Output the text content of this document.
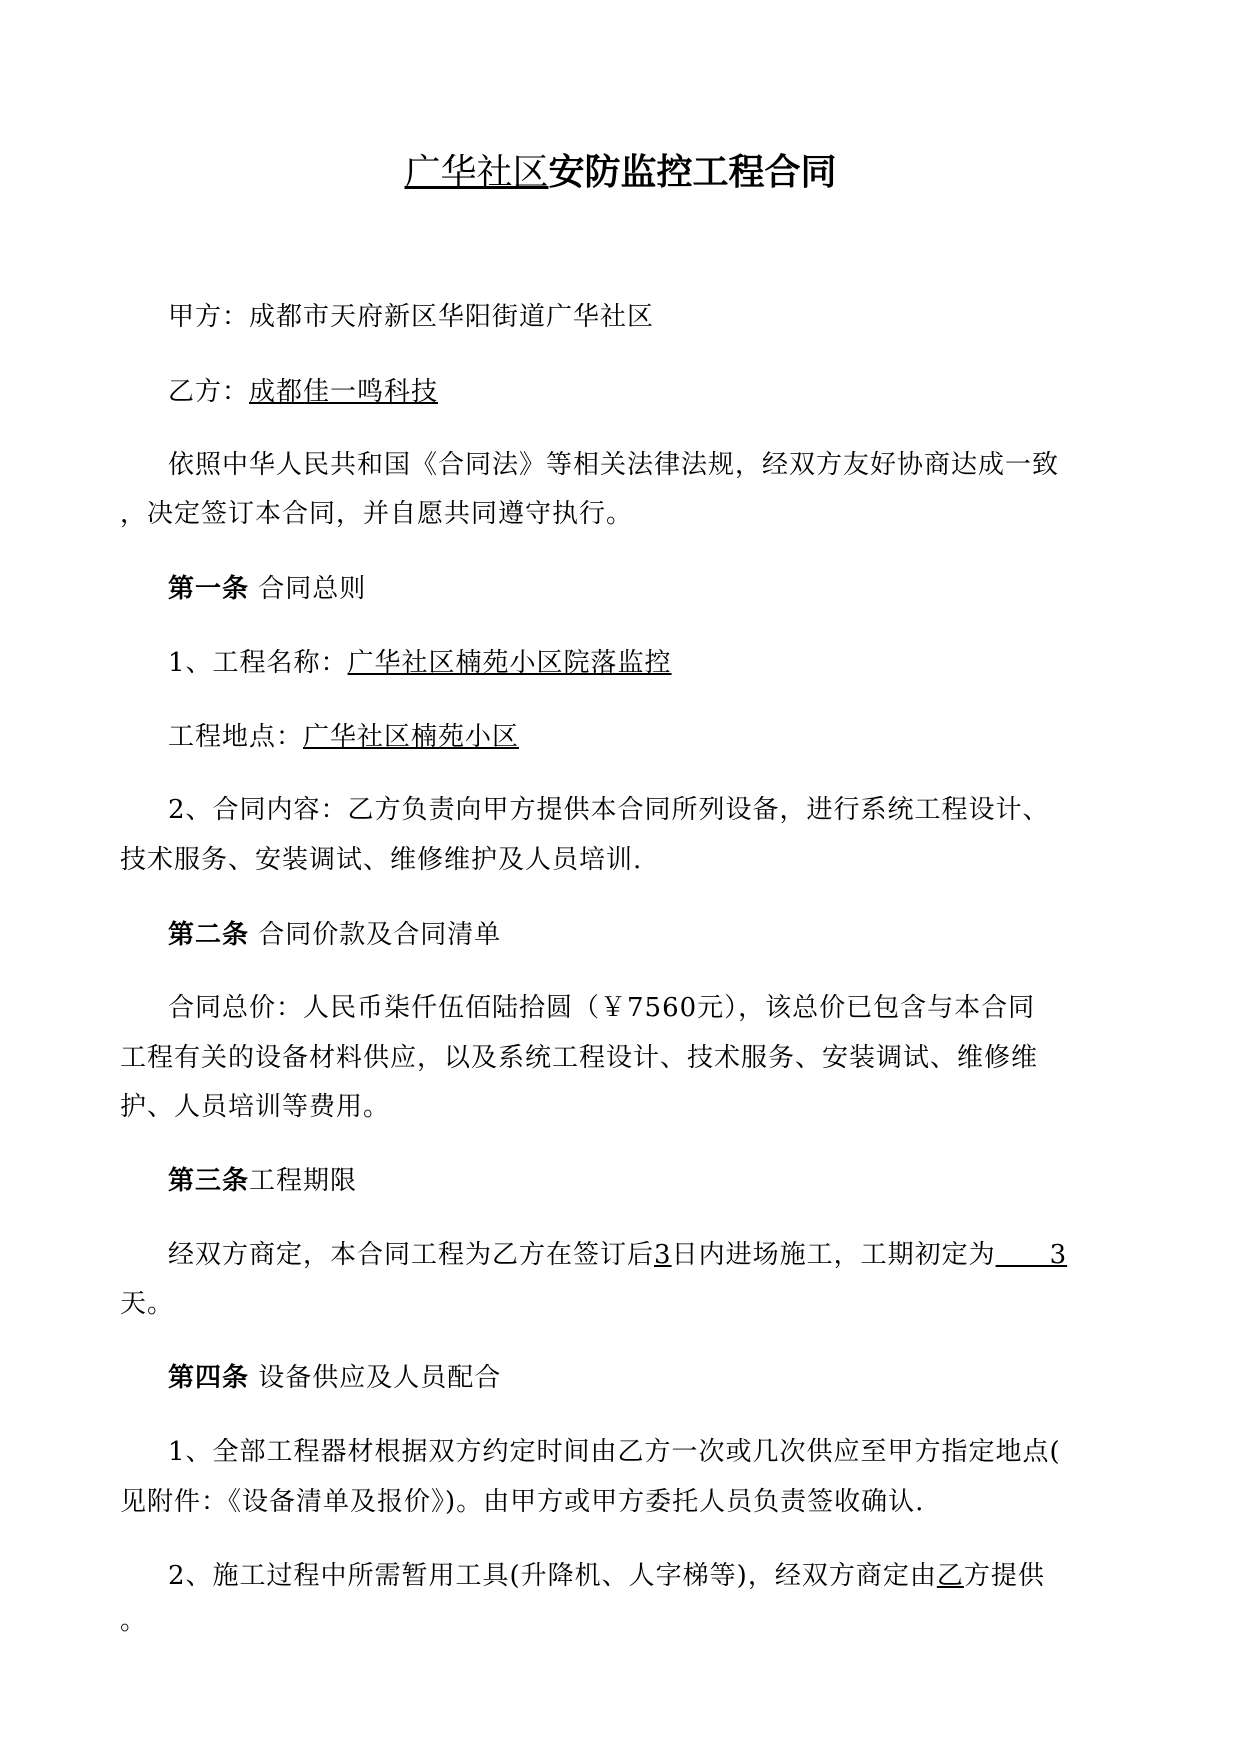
广华社区安防监控工程合同
甲方：成都市天府新区华阳街道广华社区
乙方：成都佳一鸣科技
依照中华人民共和国《合同法》等相关法律法规，经双方友好协商达成一致
，决定签订本合同，并自愿共同遵守执行。
第一条 合同总则
1、工程名称：广华社区楠苑小区院落监控
工程地点：广华社区楠苑小区
2、合同内容：乙方负责向甲方提供本合同所列设备，进行系统工程设计、
技术服务、安装调试、维修维护及人员培训.
第二条 合同价款及合同清单
合同总价：人民币柒仟伍佰陆拾圆（￥7560元），该总价已包含与本合同
工程有关的设备材料供应，以及系统工程设计、技术服务、安装调试、维修维
护、人员培训等费用。
第三条工程期限
经双方商定，本合同工程为乙方在签订后3日内进场施工，工期初定为　　3
天。
第四条 设备供应及人员配合
1、全部工程器材根据双方约定时间由乙方一次或几次供应至甲方指定地点(
见附件：《设备清单及报价》)。由甲方或甲方委托人员负责签收确认.
2、施工过程中所需暂用工具(升降机、人字梯等)，经双方商定由乙方提供
。
